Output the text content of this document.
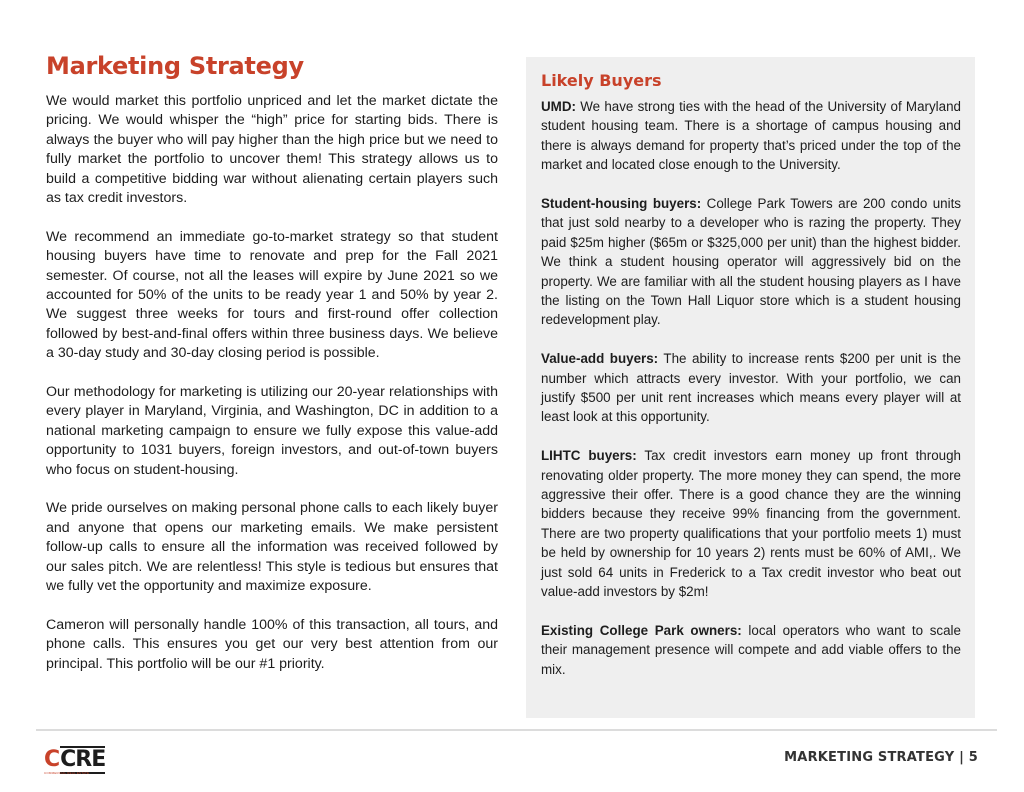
Marketing Strategy

We would market this portfolio unpriced and let the market dictate the pricing. We would whisper the “high” price for starting bids. There is always the buyer who will pay higher than the high price but we need to fully market the portfolio to uncover them! This strategy allows us to build a competitive bidding war without alienating certain players such as tax credit investors.

We recommend an immediate go-to-market strategy so that student housing buyers have time to renovate and prep for the Fall 2021 semester. Of course, not all the leases will expire by June 2021 so we accounted for 50% of the units to be ready year 1 and 50% by year 2. We suggest three weeks for tours and first-round offer collection followed by best-and-final offers within three business days. We believe a 30-day study and 30-day closing period is possible.

Our methodology for marketing is utilizing our 20-year relationships with every player in Maryland, Virginia, and Washington, DC in addition to a national marketing campaign to ensure we fully expose this value-add opportunity to 1031 buyers, foreign investors, and out-of-town buyers who focus on student-housing.

We pride ourselves on making personal phone calls to each likely buyer and anyone that opens our marketing emails. We make persistent follow-up calls to ensure all the information was received followed by our sales pitch. We are relentless! This style is tedious but ensures that we fully vet the opportunity and maximize exposure.

Cameron will personally handle 100% of this transaction, all tours, and phone calls. This ensures you get our very best attention from our principal. This portfolio will be our #1 priority.

Likely Buyers

UMD: We have strong ties with the head of the University of Maryland student housing team. There is a shortage of campus housing and there is always demand for property that’s priced under the top of the market and located close enough to the University.

Student-housing buyers: College Park Towers are 200 condo units that just sold nearby to a developer who is razing the property. They paid $25m higher ($65m or $325,000 per unit) than the highest bidder. We think a student housing operator will aggressively bid on the property. We are familiar with all the student housing players as I have the listing on the Town Hall Liquor store which is a student housing redevelopment play.

Value-add buyers: The ability to increase rents $200 per unit is the number which attracts every investor. With your portfolio, we can justify $500 per unit rent increases which means every player will at least look at this opportunity.

LIHTC buyers: Tax credit investors earn money up front through renovating older property. The more money they can spend, the more aggressive their offer. There is a good chance they are the winning bidders because they receive 99% financing from the government. There are two property qualifications that your portfolio meets 1) must be held by ownership for 10 years 2) rents must be 60% of AMI,. We just sold 64 units in Frederick to a Tax credit investor who beat out value-add investors by $2m!

Existing College Park owners: local operators who want to scale their management presence will compete and add viable offers to the mix.

C CRE
COMMERCIAL REAL ESTATE
MARKETING STRATEGY | 5
